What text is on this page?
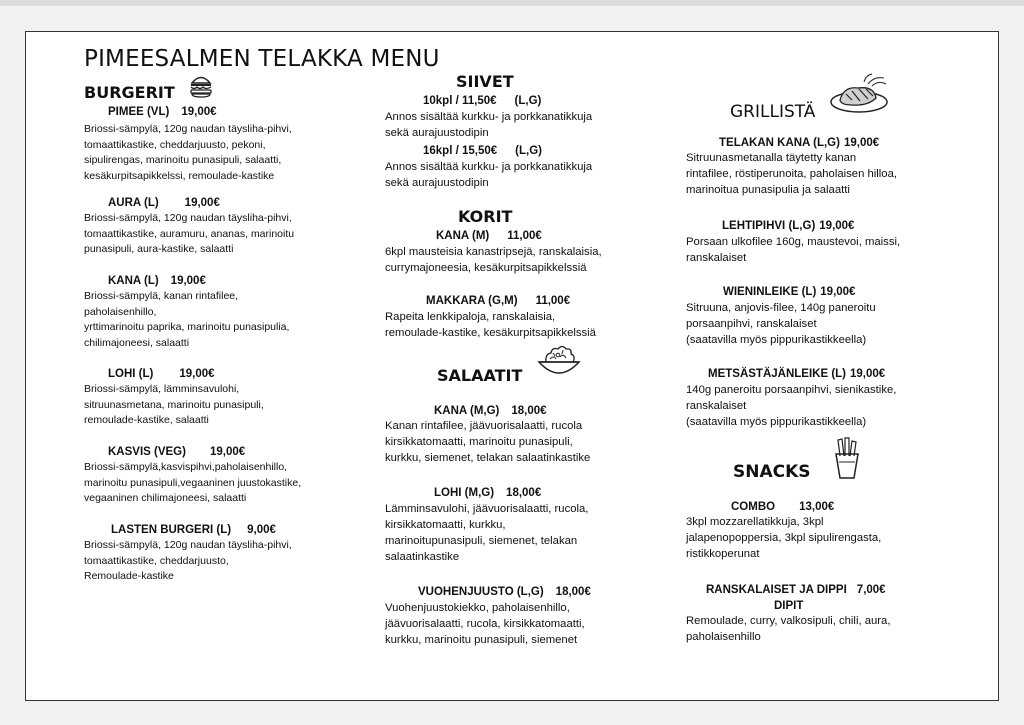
PIMEESALMEN TELAKKA MENU
BURGERIT
PIMEE (VL) 19,00€
Briossi-sämpylä, 120g naudan täysliha-pihvi,
tomaattikastike, cheddarjuusto, pekoni,
sipulirengas, marinoitu punasipuli, salaatti,
kesäkurpitsapikkelssi, remoulade-kastike
AURA (L) 19,00€
Briossi-sämpylä, 120g naudan täysliha-pihvi,
tomaattikastike, auramuru, ananas, marinoitu
punasipuli, aura-kastike, salaatti
KANA (L) 19,00€
Briossi-sämpylä, kanan rintafilee,
paholaisenhillo,
yrttimarinoitu paprika, marinoitu punasipulia,
chilimajoneesi, salaatti
LOHI (L) 19,00€
Briossi-sämpylä, lämminsavulohi,
sitruunasmetana, marinoitu punasipuli,
remoulade-kastike, salaatti
KASVIS (VEG) 19,00€
Briossi-sämpylä,kasvispihvi,paholaisenhillo,
marinoitu punasipuli,vegaaninen juustokastike,
vegaaninen chilimajoneesi, salaatti
LASTEN BURGERI (L) 9,00€
Briossi-sämpylä, 120g naudan täysliha-pihvi,
tomaattikastike, cheddarjuusto,
Remoulade-kastike
SIIVET
10kpl / 11,50€ (L,G)
Annos sisältää kurkku- ja porkkanatikkuja
sekä aurajuustodipin
16kpl / 15,50€ (L,G)
Annos sisältää kurkku- ja porkkanatikkuja
sekä aurajuustodipin
KORIT
KANA (M) 11,00€
6kpl mausteisia kanastripsejä, ranskalaisia,
currymajoneesia, kesäkurpitsapikkelssiä
MAKKARA (G,M) 11,00€
Rapeita lenkkipaloja, ranskalaisia,
remoulade-kastike, kesäkurpitsapikkelssiä
SALAATIT
KANA (M,G) 18,00€
Kanan rintafilee, jäävuorisalaatti, rucola
kirsikkatomaatti, marinoitu punasipuli,
kurkku, siemenet, telakan salaatinkastike
LOHI (M,G) 18,00€
Lämminsavulohi, jäävuorisalaatti, rucola,
kirsikkatomaatti, kurkku,
marinoitupunasipuli, siemenet, telakan
salaatinkastike
VUOHENJUUSTO (L,G) 18,00€
Vuohenjuustokiekko, paholaisenhillo,
jäävuorisalaatti, rucola, kirsikkatomaatti,
kurkku, marinoitu punasipuli, siemenet
GRILLISTÄ
TELAKAN KANA (L,G) 19,00€
Sitruunasmetanalla täytetty kanan
rintafilee, röstiperunoita, paholaisen hilloa,
marinoitua punasipulia ja salaatti
LEHTIPIHVI (L,G) 19,00€
Porsaan ulkofilee 160g, maustevoi, maissi,
ranskalaiset
WIENINLEIKE (L) 19,00€
Sitruuna, anjovis-filee, 140g paneroitu
porsaanpihvi, ranskalaiset
(saatavilla myös pippurikastikkeella)
METSÄSTÄJÄNLEIKE (L) 19,00€
140g paneroitu porsaanpihvi, sienikastike,
ranskalaiset
(saatavilla myös pippurikastikkeella)
SNACKS
COMBO 13,00€
3kpl mozzarellatikkuja, 3kpl
jalapenopoppersia, 3kpl sipulirengasta,
ristikkoperunat
RANSKALAISET JA DIPPI 7,00€
DIPIT
Remoulade, curry, valkosipuli, chili, aura,
paholaisenhillo
